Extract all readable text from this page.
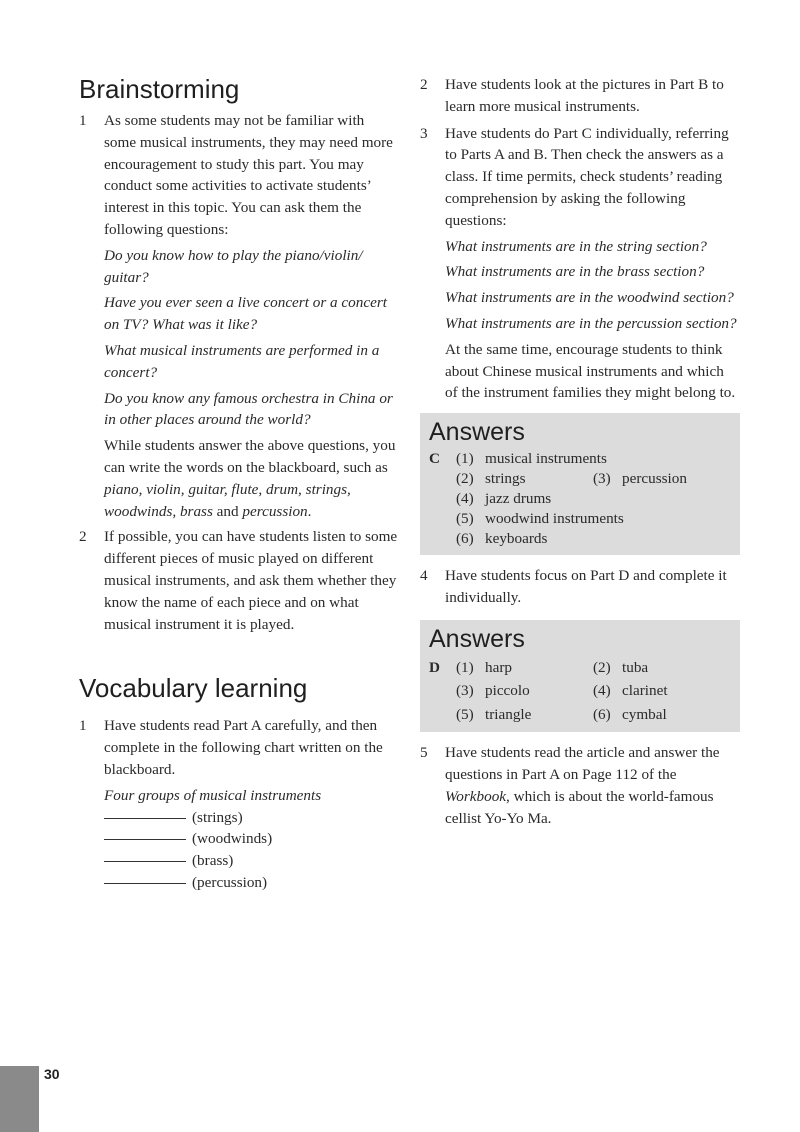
Brainstorming
1 As some students may not be familiar with some musical instruments, they may need more encouragement to study this part. You may conduct some activities to activate students’ interest in this topic. You can ask them the following questions:

Do you know how to play the piano/violin/ guitar?

Have you ever seen a live concert or a concert on TV? What was it like?

What musical instruments are performed in a concert?

Do you know any famous orchestra in China or in other places around the world?

While students answer the above questions, you can write the words on the blackboard, such as piano, violin, guitar, flute, drum, strings, woodwinds, brass and percussion.

2 If possible, you can have students listen to some different pieces of music played on different musical instruments, and ask them whether they know the name of each piece and on what musical instrument it is played.

Vocabulary learning
1 Have students read Part A carefully, and then complete in the following chart written on the blackboard.

Four groups of musical instruments

(strings)
(woodwinds)
(brass)
(percussion)
2 Have students look at the pictures in Part B to learn more musical instruments.

3 Have students do Part C individually, referring to Parts A and B. Then check the answers as a class. If time permits, check students’ reading comprehension by asking the following questions:

What instruments are in the string section?

What instruments are in the brass section?

What instruments are in the woodwind section?

What instruments are in the percussion section?

At the same time, encourage students to think about Chinese musical instruments and which of the instrument families they might belong to.

Answers
C (1) musical instruments
(2) strings	(3) percussion
(4) jazz drums
(5) woodwind instruments
(6) keyboards
4 Have students focus on Part D and complete it individually.

Answers
D (1) harp	(2) tuba
(3) piccolo	(4) clarinet
(5) triangle	(6) cymbal
5 Have students read the article and answer the questions in Part A on Page 112 of the Workbook, which is about the world-famous cellist Yo-Yo Ma.

30
